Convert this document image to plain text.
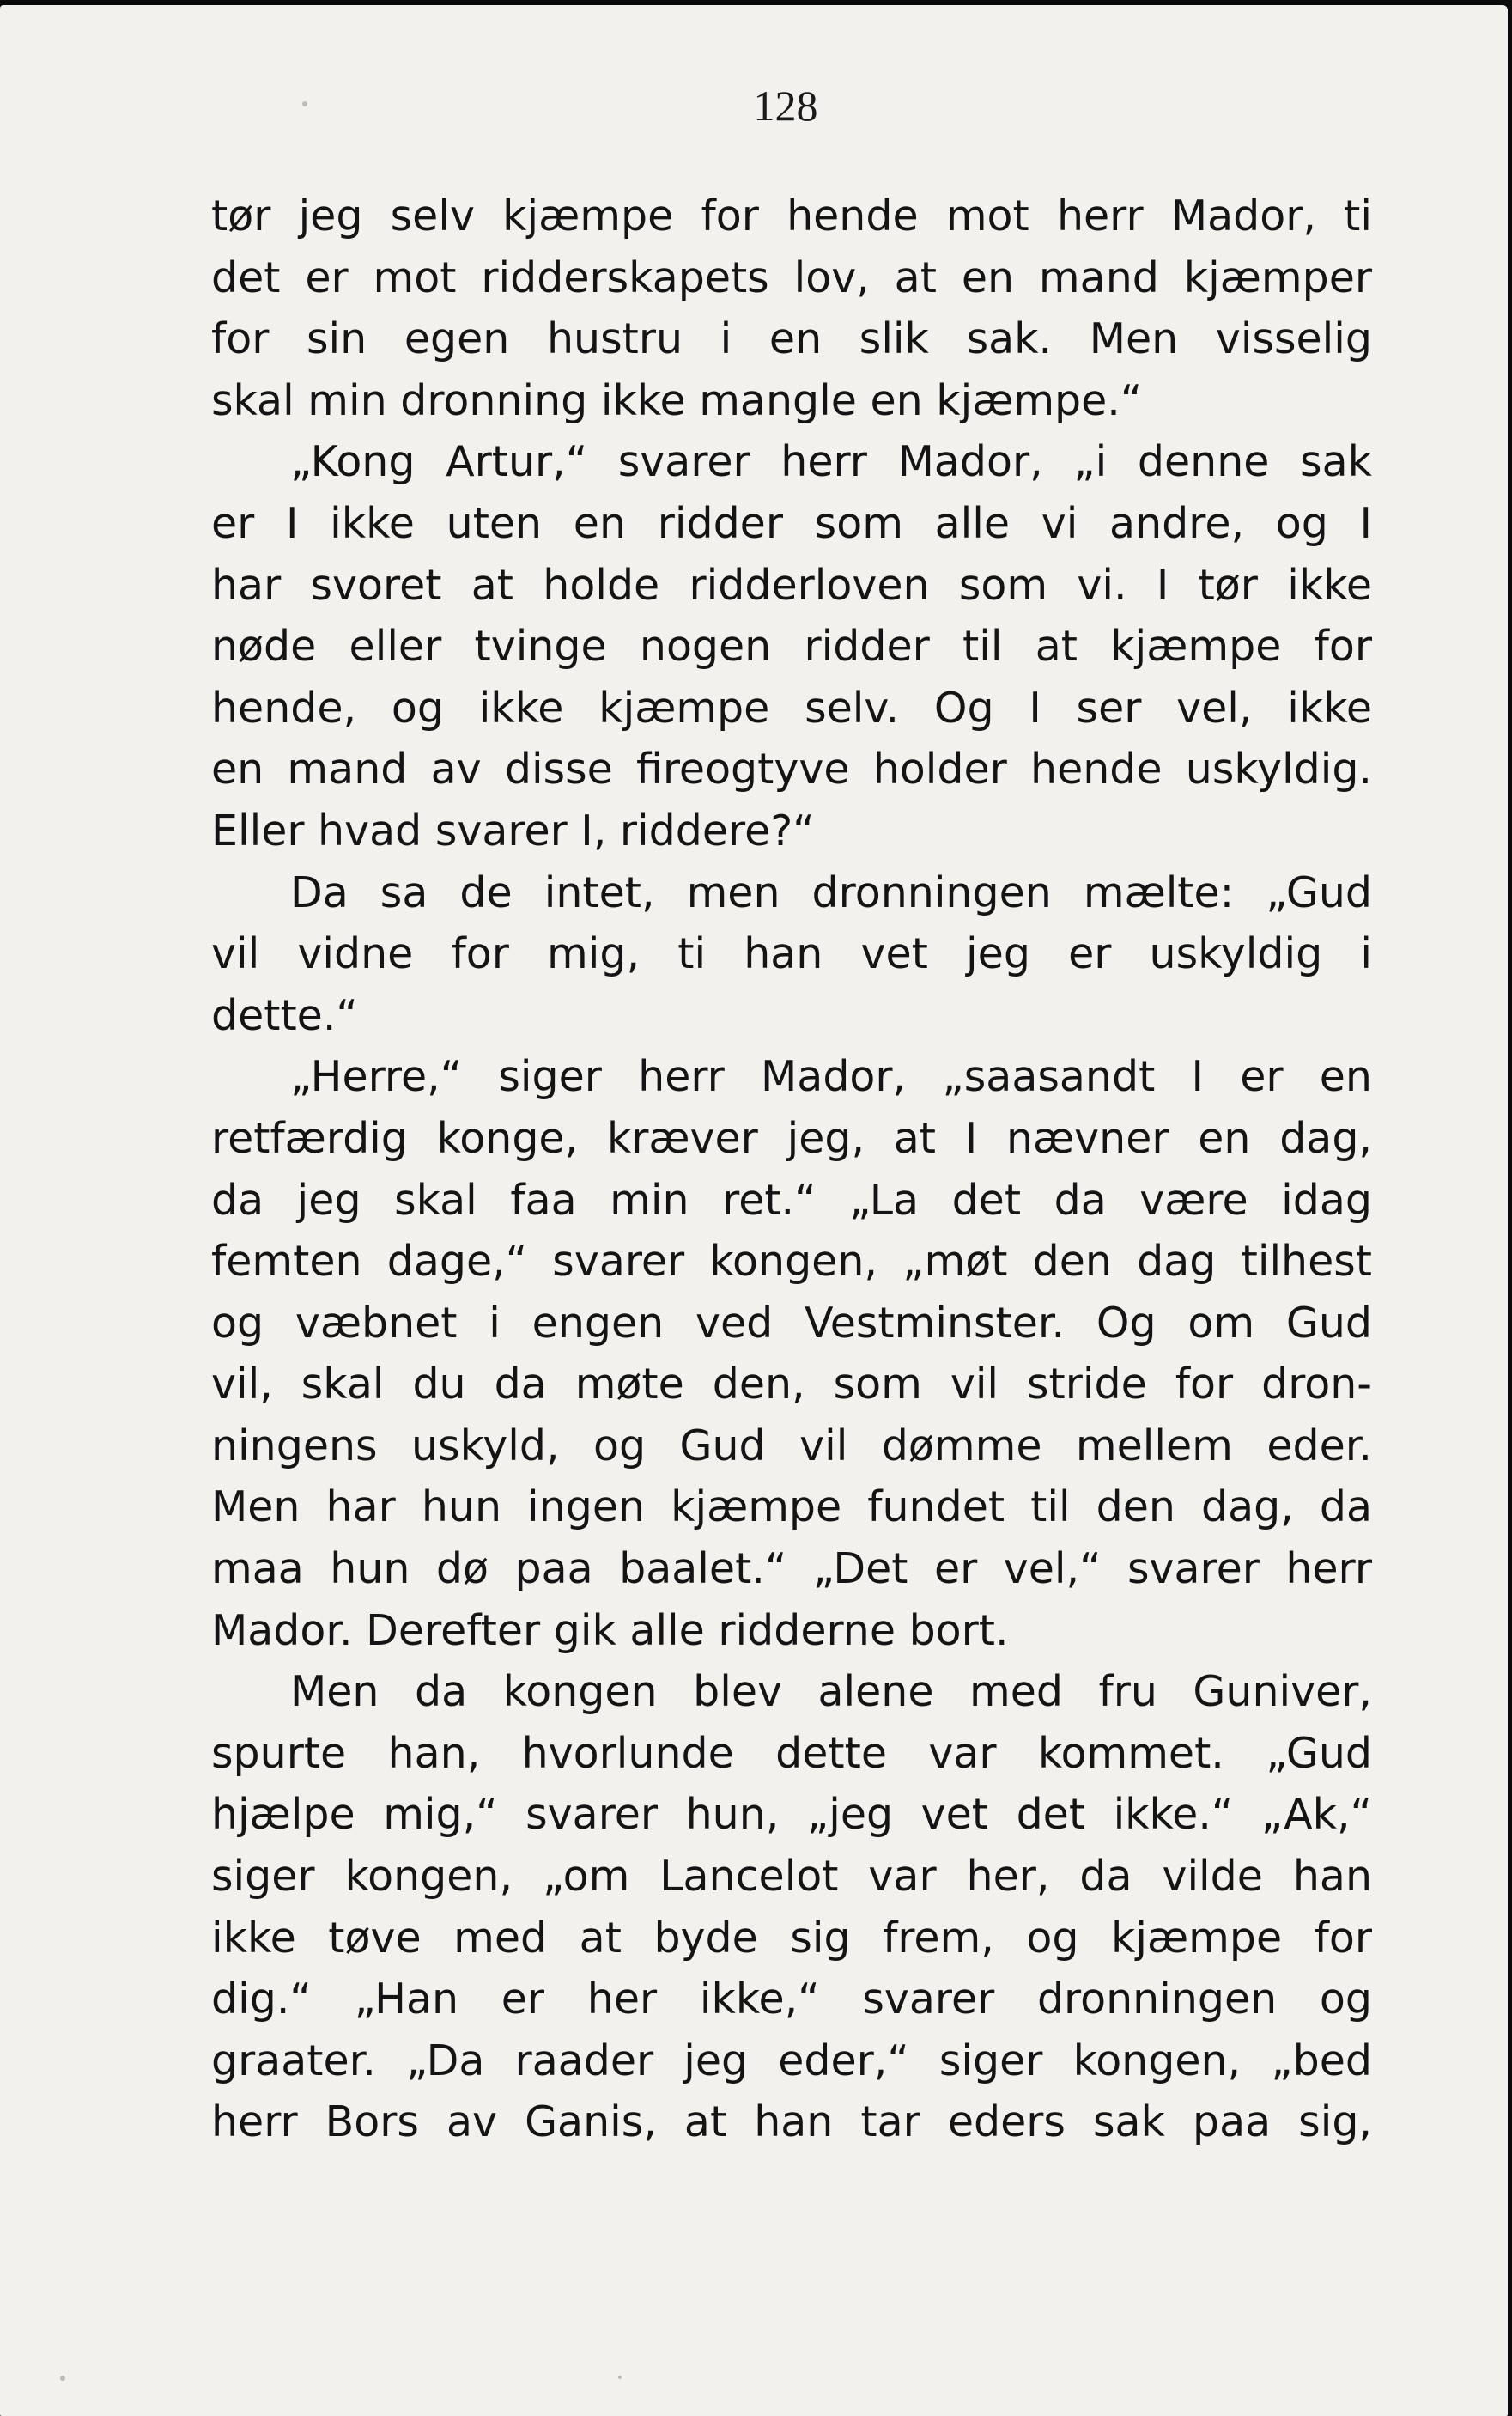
128
tør jeg selv kjæmpe for hende mot herr Mador, ti
det er mot ridderskapets lov, at en mand kjæmper
for sin egen hustru i en slik sak. Men visselig
skal min dronning ikke mangle en kjæmpe.“
„Kong Artur,“ svarer herr Mador, „i denne sak
er I ikke uten en ridder som alle vi andre, og I
har svoret at holde ridderloven som vi. I tør ikke
nøde eller tvinge nogen ridder til at kjæmpe for
hende, og ikke kjæmpe selv. Og I ser vel, ikke
en mand av disse fireogtyve holder hende uskyldig.
Eller hvad svarer I, riddere?“
Da sa de intet, men dronningen mælte: „Gud
vil vidne for mig, ti han vet jeg er uskyldig i
dette.“
„Herre,“ siger herr Mador, „saasandt I er en
retfærdig konge, kræver jeg, at I nævner en dag,
da jeg skal faa min ret.“ „La det da være idag
femten dage,“ svarer kongen, „møt den dag tilhest
og væbnet i engen ved Vestminster. Og om Gud
vil, skal du da møte den, som vil stride for dron-
ningens uskyld, og Gud vil dømme mellem eder.
Men har hun ingen kjæmpe fundet til den dag, da
maa hun dø paa baalet.“ „Det er vel,“ svarer herr
Mador. Derefter gik alle ridderne bort.
Men da kongen blev alene med fru Guniver,
spurte han, hvorlunde dette var kommet. „Gud
hjælpe mig,“ svarer hun, „jeg vet det ikke.“ „Ak,“
siger kongen, „om Lancelot var her, da vilde han
ikke tøve med at byde sig frem, og kjæmpe for
dig.“ „Han er her ikke,“ svarer dronningen og
graater. „Da raader jeg eder,“ siger kongen, „bed
herr Bors av Ganis, at han tar eders sak paa sig,
